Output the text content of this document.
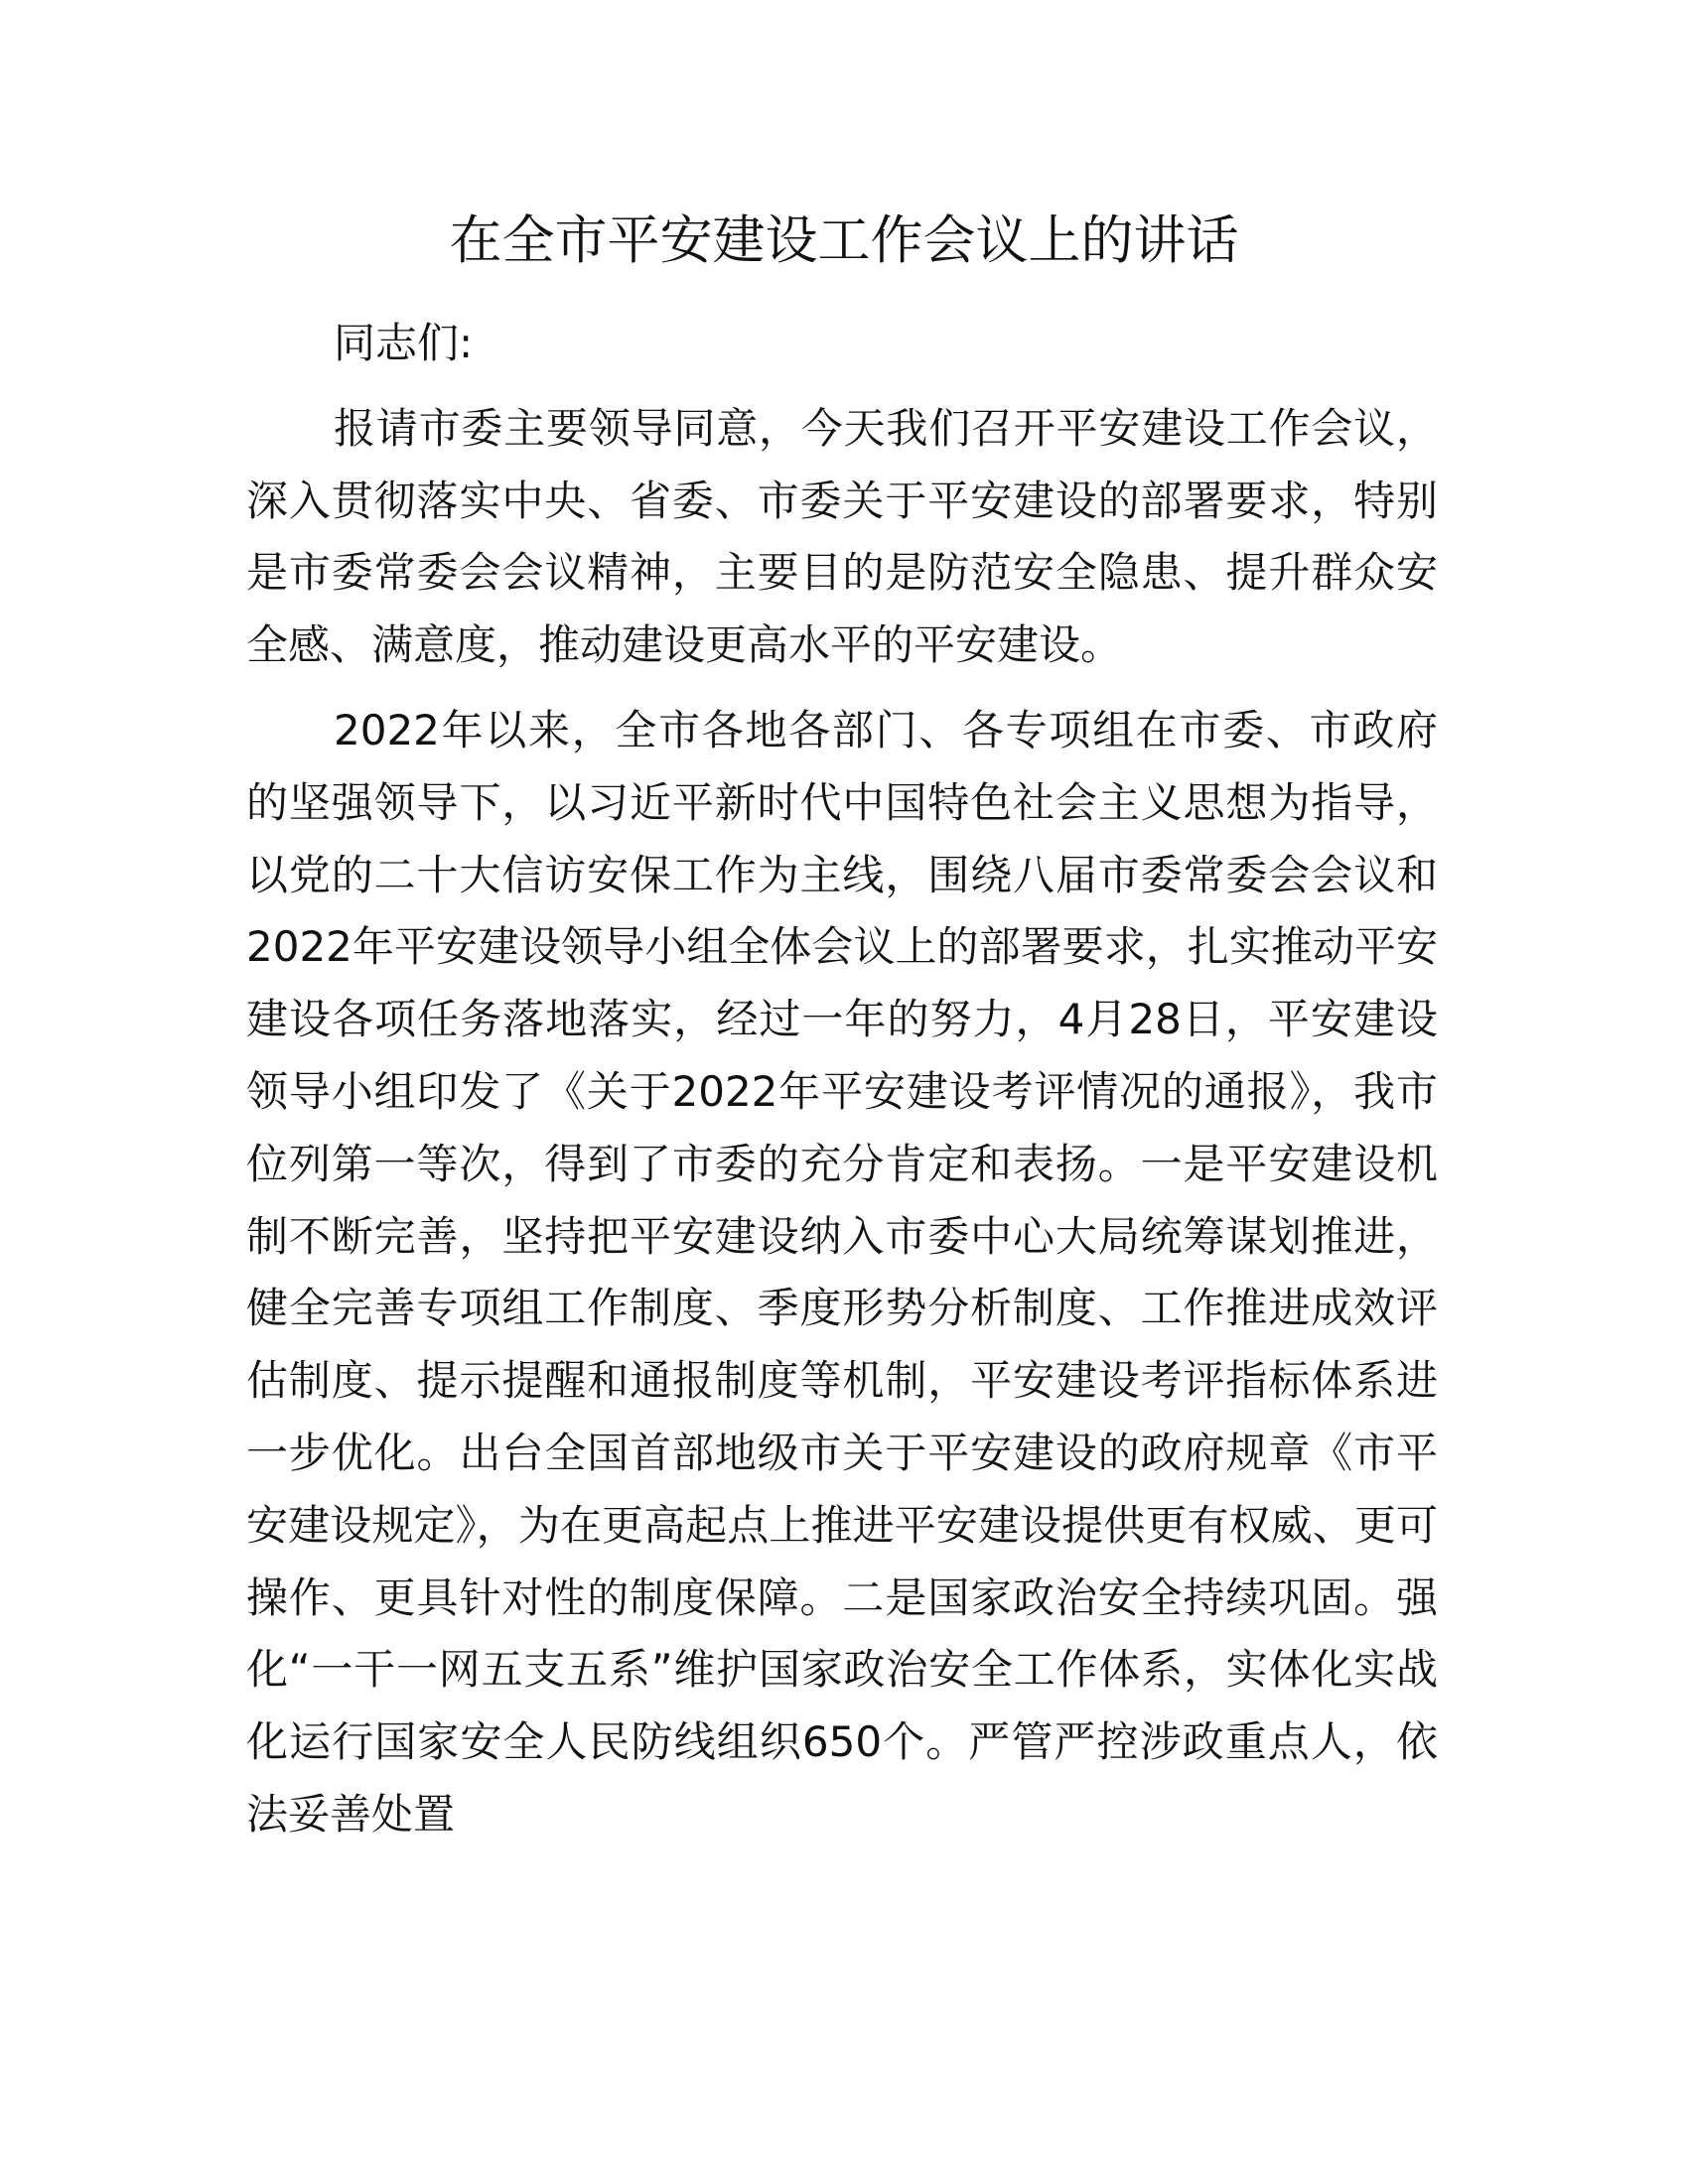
在全市平安建设工作会议上的讲话

同志们:

报请市委主要领导同意，今天我们召开平安建设工作会议，深入贯彻落实中央、省委、市委关于平安建设的部署要求，特别是市委常委会会议精神，主要目的是防范安全隐患、提升群众安全感、满意度，推动建设更高水平的平安建设。

2022年以来，全市各地各部门、各专项组在市委、市政府的坚强领导下，以习近平新时代中国特色社会主义思想为指导，以党的二十大信访安保工作为主线，围绕八届市委常委会会议和2022年平安建设领导小组全体会议上的部署要求，扎实推动平安建设各项任务落地落实，经过一年的努力，4月28日，平安建设领导小组印发了《关于2022年平安建设考评情况的通报》，我市位列第一等次，得到了市委的充分肯定和表扬。一是平安建设机制不断完善，坚持把平安建设纳入市委中心大局统筹谋划推进，健全完善专项组工作制度、季度形势分析制度、工作推进成效评估制度、提示提醒和通报制度等机制，平安建设考评指标体系进一步优化。出台全国首部地级市关于平安建设的政府规章《市平安建设规定》，为在更高起点上推进平安建设提供更有权威、更可操作、更具针对性的制度保障。二是国家政治安全持续巩固。强化“一干一网五支五系”维护国家政治安全工作体系，实体化实战化运行国家安全人民防线组织650个。严管严控涉政重点人，依法妥善处置
